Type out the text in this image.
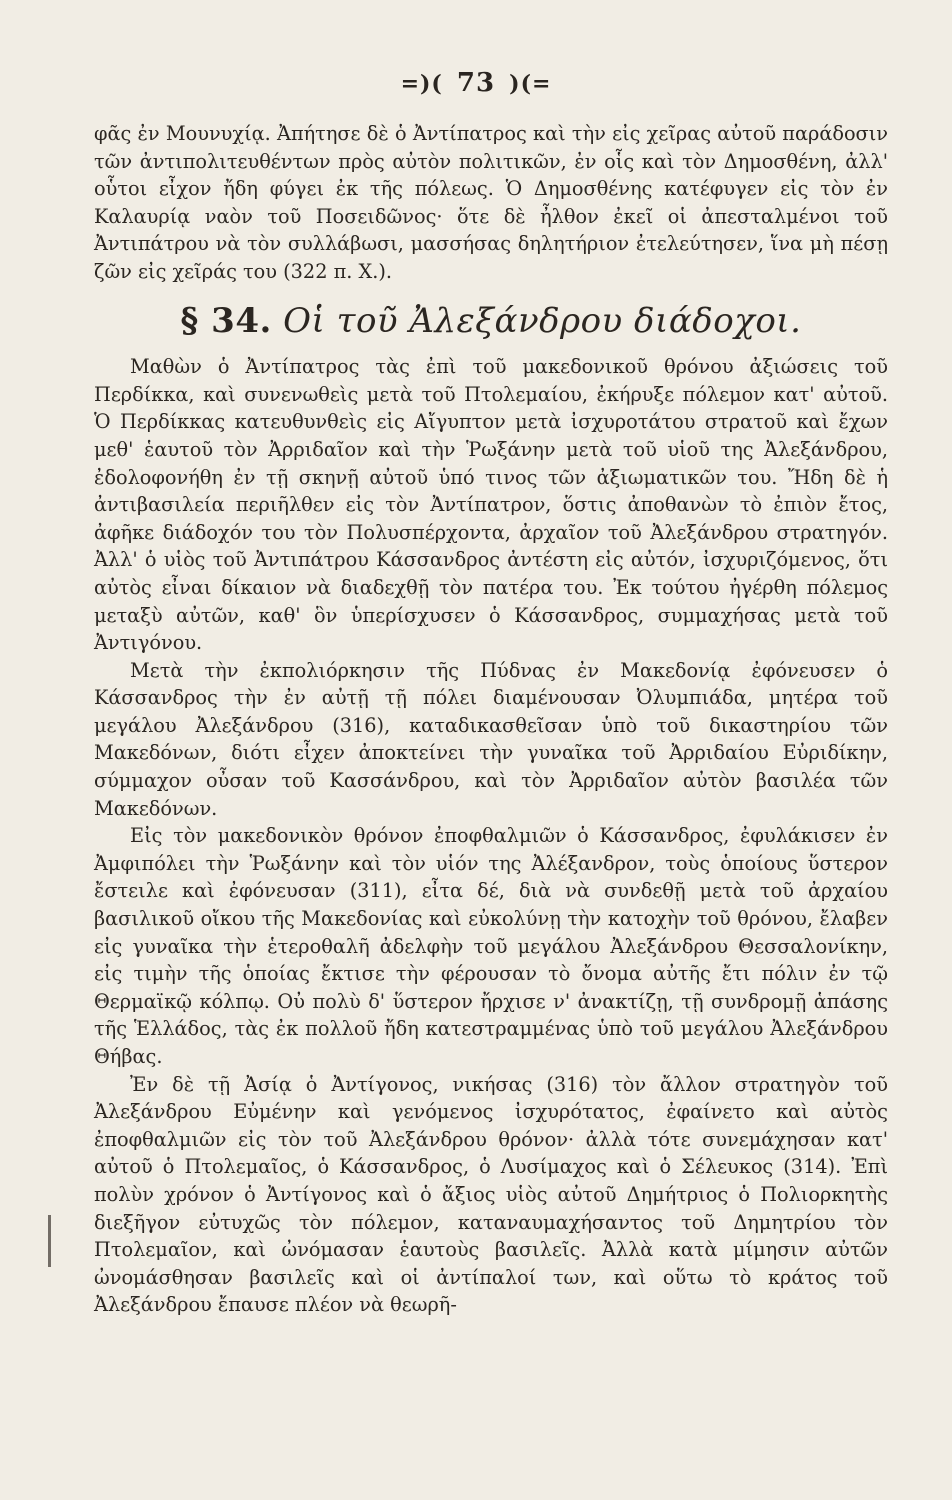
=)( 73 )(=

φᾶς ἐν Μουνυχίᾳ. Ἀπήτησε δὲ ὁ Ἀντίπατρος καὶ τὴν εἰς χεῖρας αὐτοῦ παράδοσιν τῶν ἀντιπολιτευθέντων πρὸς αὐτὸν πολιτικῶν, ἐν οἷς καὶ τὸν Δημοσθένη, ἀλλ' οὗτοι εἶχον ἤδη φύγει ἐκ τῆς πόλεως. Ὁ Δημοσθένης κατέφυγεν εἰς τὸν ἐν Καλαυρίᾳ ναὸν τοῦ Ποσειδῶνος· ὅτε δὲ ἦλθον ἐκεῖ οἱ ἀπεσταλμένοι τοῦ Ἀντιπάτρου νὰ τὸν συλλάβωσι, μασσήσας δηλητήριον ἐτελεύτησεν, ἵνα μὴ πέσῃ ζῶν εἰς χεῖράς του (322 π. Χ.).

§ 34. Οἱ τοῦ Ἀλεξάνδρου διάδοχοι.

Μαθὼν ὁ Ἀντίπατρος τὰς ἐπὶ τοῦ μακεδονικοῦ θρόνου ἀξιώσεις τοῦ Περδίκκα, καὶ συνενωθεὶς μετὰ τοῦ Πτολεμαίου, ἐκήρυξε πόλεμον κατ' αὐτοῦ. Ὁ Περδίκκας κατευθυνθεὶς εἰς Αἴγυπτον μετὰ ἰσχυροτάτου στρατοῦ καὶ ἔχων μεθ' ἑαυτοῦ τὸν Ἀρριδαῖον καὶ τὴν Ῥωξάνην μετὰ τοῦ υἱοῦ της Ἀλεξάνδρου, ἐδολοφονήθη ἐν τῇ σκηνῇ αὐτοῦ ὑπό τινος τῶν ἀξιωματικῶν του. Ἤδη δὲ ἡ ἀντιβασιλεία περιῆλθεν εἰς τὸν Ἀντίπατρον, ὅστις ἀποθανὼν τὸ ἐπιὸν ἔτος, ἀφῆκε διάδοχόν του τὸν Πολυσπέρχοντα, ἀρχαῖον τοῦ Ἀλεξάνδρου στρατηγόν. Ἀλλ' ὁ υἱὸς τοῦ Ἀντιπάτρου Κάσσανδρος ἀντέστη εἰς αὐτόν, ἰσχυριζόμενος, ὅτι αὐτὸς εἶναι δίκαιον νὰ διαδεχθῇ τὸν πατέρα του. Ἐκ τούτου ἠγέρθη πόλεμος μεταξὺ αὐτῶν, καθ' ὃν ὑπερίσχυσεν ὁ Κάσσανδρος, συμμαχήσας μετὰ τοῦ Ἀντιγόνου.

Μετὰ τὴν ἐκπολιόρκησιν τῆς Πύδνας ἐν Μακεδονίᾳ ἐφόνευσεν ὁ Κάσσανδρος τὴν ἐν αὐτῇ τῇ πόλει διαμένουσαν Ὀλυμπιάδα, μητέρα τοῦ μεγάλου Ἀλεξάνδρου (316), καταδικασθεῖσαν ὑπὸ τοῦ δικαστηρίου τῶν Μακεδόνων, διότι εἶχεν ἀποκτείνει τὴν γυναῖκα τοῦ Ἀρριδαίου Εὐριδίκην, σύμμαχον οὖσαν τοῦ Κασσάνδρου, καὶ τὸν Ἀρριδαῖον αὐτὸν βασιλέα τῶν Μακεδόνων.

Εἰς τὸν μακεδονικὸν θρόνον ἐποφθαλμιῶν ὁ Κάσσανδρος, ἐφυλάκισεν ἐν Ἀμφιπόλει τὴν Ῥωξάνην καὶ τὸν υἱόν της Ἀλέξανδρον, τοὺς ὁποίους ὕστερον ἔστειλε καὶ ἐφόνευσαν (311), εἶτα δέ, διὰ νὰ συνδεθῇ μετὰ τοῦ ἀρχαίου βασιλικοῦ οἴκου τῆς Μακεδονίας καὶ εὐκολύνῃ τὴν κατοχὴν τοῦ θρόνου, ἔλαβεν εἰς γυναῖκα τὴν ἑτεροθαλῆ ἀδελφὴν τοῦ μεγάλου Ἀλεξάνδρου Θεσσαλονίκην, εἰς τιμὴν τῆς ὁποίας ἔκτισε τὴν φέρουσαν τὸ ὄνομα αὐτῆς ἔτι πόλιν ἐν τῷ Θερμαϊκῷ κόλπῳ. Οὐ πολὺ δ' ὕστερον ἤρχισε ν' ἀνακτίζῃ, τῇ συνδρομῇ ἁπάσης τῆς Ἑλλάδος, τὰς ἐκ πολλοῦ ἤδη κατεστραμμένας ὑπὸ τοῦ μεγάλου Ἀλεξάνδρου Θήβας.

Ἐν δὲ τῇ Ἀσίᾳ ὁ Ἀντίγονος, νικήσας (316) τὸν ἄλλον στρατηγὸν τοῦ Ἀλεξάνδρου Εὐμένην καὶ γενόμενος ἰσχυρότατος, ἐφαίνετο καὶ αὐτὸς ἐποφθαλμιῶν εἰς τὸν τοῦ Ἀλεξάνδρου θρόνον· ἀλλὰ τότε συνεμάχησαν κατ' αὐτοῦ ὁ Πτολεμαῖος, ὁ Κάσσανδρος, ὁ Λυσίμαχος καὶ ὁ Σέλευκος (314). Ἐπὶ πολὺν χρόνον ὁ Ἀντίγονος καὶ ὁ ἄξιος υἱὸς αὐτοῦ Δημήτριος ὁ Πολιορκητὴς διεξῆγον εὐτυχῶς τὸν πόλεμον, καταναυμαχήσαντος τοῦ Δημητρίου τὸν Πτολεμαῖον, καὶ ὠνόμασαν ἑαυτοὺς βασιλεῖς. Ἀλλὰ κατὰ μίμησιν αὐτῶν ὠνομάσθησαν βασιλεῖς καὶ οἱ ἀντίπαλοί των, καὶ οὕτω τὸ κράτος τοῦ Ἀλεξάνδρου ἔπαυσε πλέον νὰ θεωρῆ-
